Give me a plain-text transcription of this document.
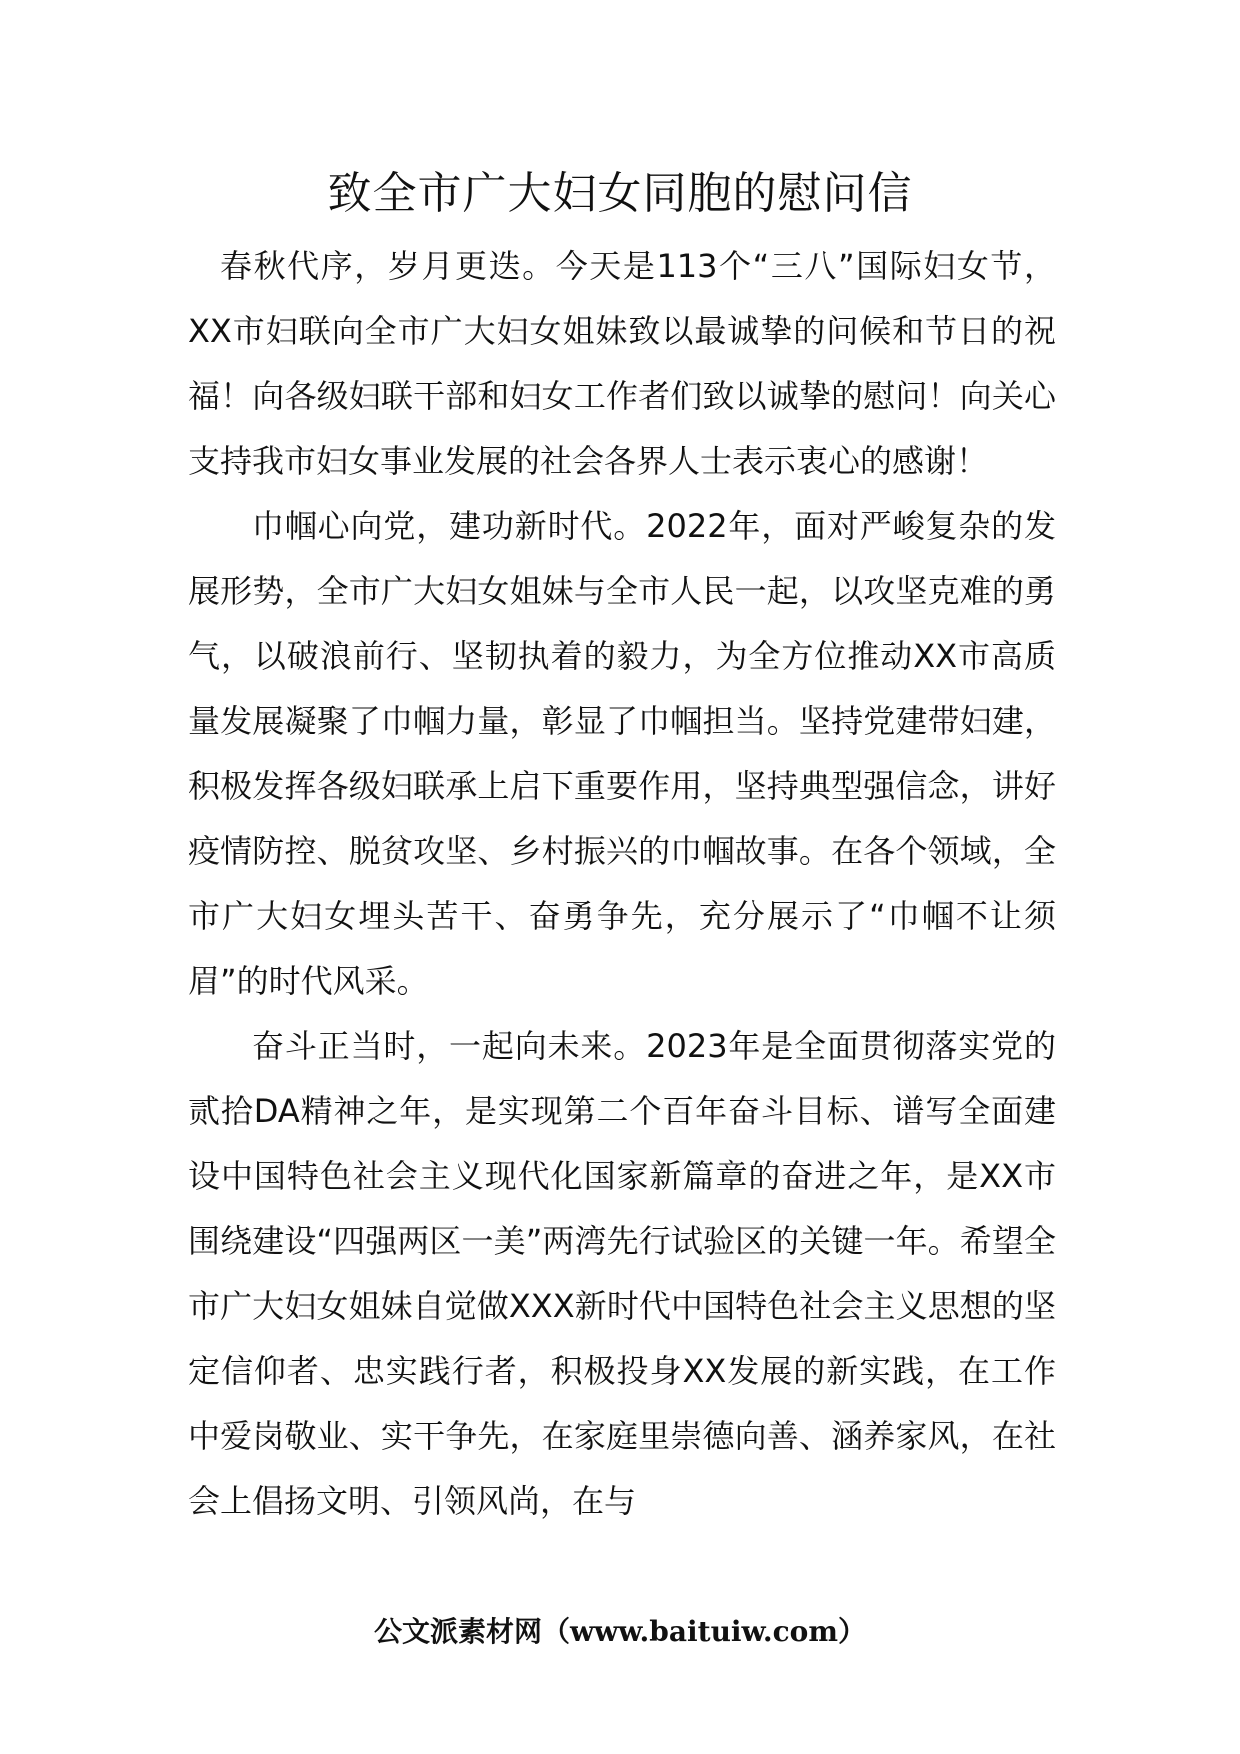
致全市广大妇女同胞的慰问信

春秋代序，岁月更迭。今天是113个“三八”国际妇女节，XX市妇联向全市广大妇女姐妹致以最诚挚的问候和节日的祝福！向各级妇联干部和妇女工作者们致以诚挚的慰问！向关心支持我市妇女事业发展的社会各界人士表示衷心的感谢！

巾帼心向党，建功新时代。2022年，面对严峻复杂的发展形势，全市广大妇女姐妹与全市人民一起，以攻坚克难的勇气，以破浪前行、坚韧执着的毅力，为全方位推动XX市高质量发展凝聚了巾帼力量，彰显了巾帼担当。坚持党建带妇建，积极发挥各级妇联承上启下重要作用，坚持典型强信念，讲好疫情防控、脱贫攻坚、乡村振兴的巾帼故事。在各个领域，全市广大妇女埋头苦干、奋勇争先，充分展示了“巾帼不让须眉”的时代风采。

奋斗正当时，一起向未来。2023年是全面贯彻落实党的贰拾DA精神之年，是实现第二个百年奋斗目标、谱写全面建设中国特色社会主义现代化国家新篇章的奋进之年，是XX市围绕建设“四强两区一美”两湾先行试验区的关键一年。希望全市广大妇女姐妹自觉做XXX新时代中国特色社会主义思想的坚定信仰者、忠实践行者，积极投身XX发展的新实践，在工作中爱岗敬业、实干争先，在家庭里崇德向善、涵养家风，在社会上倡扬文明、引领风尚，在与

公文派素材网（www.baituiw.com）
